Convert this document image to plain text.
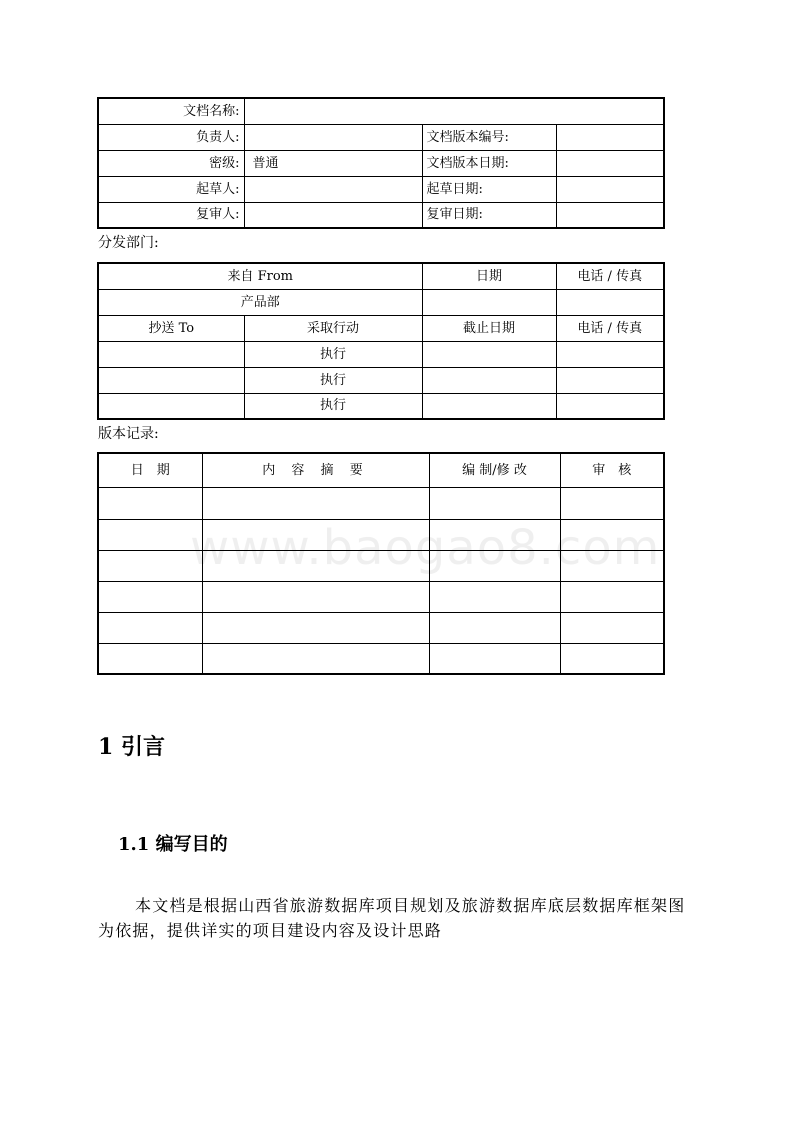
文档名称:			
负责人:		文档版本编号:	
密级:	普通	文档版本日期:	
起草人:		起草日期:	
复审人:		复审日期:	
分发部门:
来自 From		日期	电话 / 传真
产品部			
抄送 To	采取行动	截止日期	电话 / 传真
	执行		
	执行		
	执行		
版本记录:
日　期	内 容 摘 要	编 制/修 改	审　核

www.baogao8.com
1 引言
1.1 编写目的
本文档是根据山西省旅游数据库项目规划及旅游数据库底层数据库框架图为依据，提供详实的项目建设内容及设计思路
